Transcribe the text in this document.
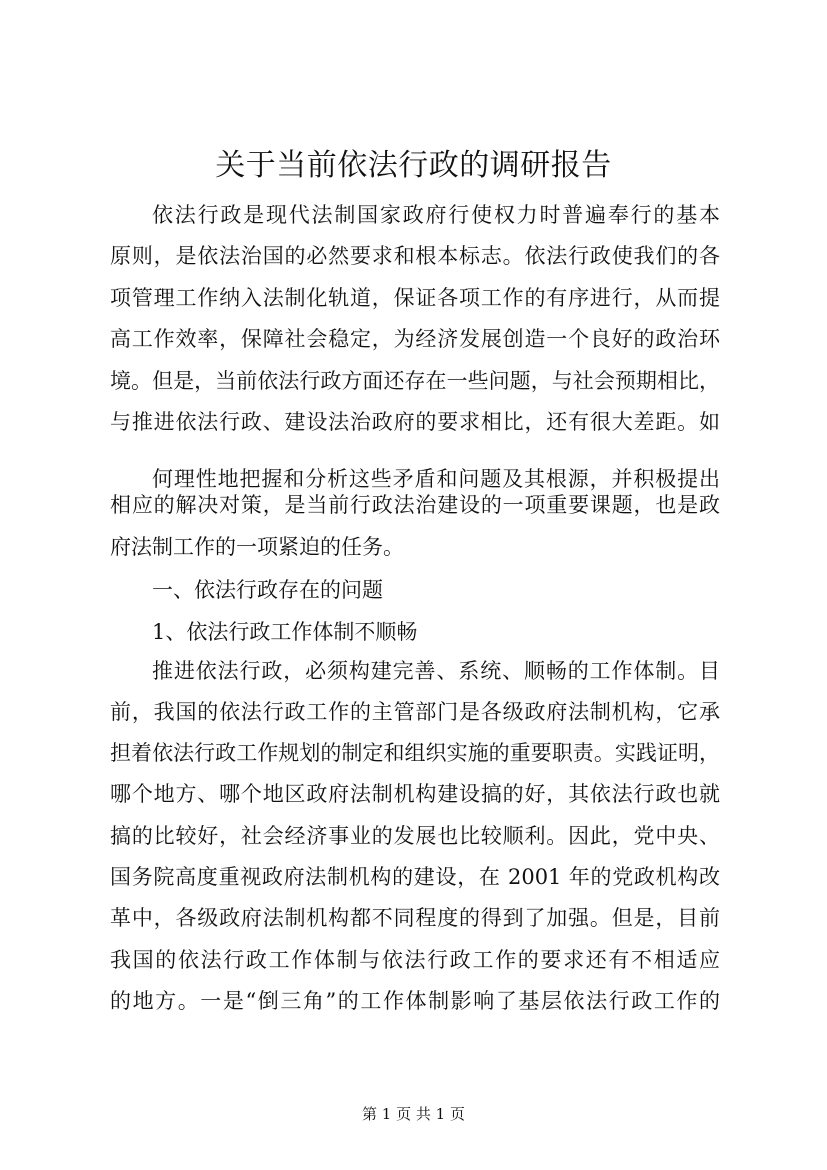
关于当前依法行政的调研报告
依法行政是现代法制国家政府行使权力时普遍奉行的基本
原则，是依法治国的必然要求和根本标志。依法行政使我们的各
项管理工作纳入法制化轨道，保证各项工作的有序进行，从而提
高工作效率，保障社会稳定，为经济发展创造一个良好的政治环
境。但是，当前依法行政方面还存在一些问题，与社会预期相比，
与推进依法行政、建设法治政府的要求相比，还有很大差距。如
何理性地把握和分析这些矛盾和问题及其根源，并积极提出
相应的解决对策，是当前行政法治建设的一项重要课题，也是政
府法制工作的一项紧迫的任务。
一、依法行政存在的问题
1、依法行政工作体制不顺畅
推进依法行政，必须构建完善、系统、顺畅的工作体制。目
前，我国的依法行政工作的主管部门是各级政府法制机构，它承
担着依法行政工作规划的制定和组织实施的重要职责。实践证明，
哪个地方、哪个地区政府法制机构建设搞的好，其依法行政也就
搞的比较好，社会经济事业的发展也比较顺利。因此，党中央、
国务院高度重视政府法制机构的建设，在 2001 年的党政机构改
革中，各级政府法制机构都不同程度的得到了加强。但是，目前
我国的依法行政工作体制与依法行政工作的要求还有不相适应
的地方。一是“倒三角”的工作体制影响了基层依法行政工作的
第 1 页 共 1 页
